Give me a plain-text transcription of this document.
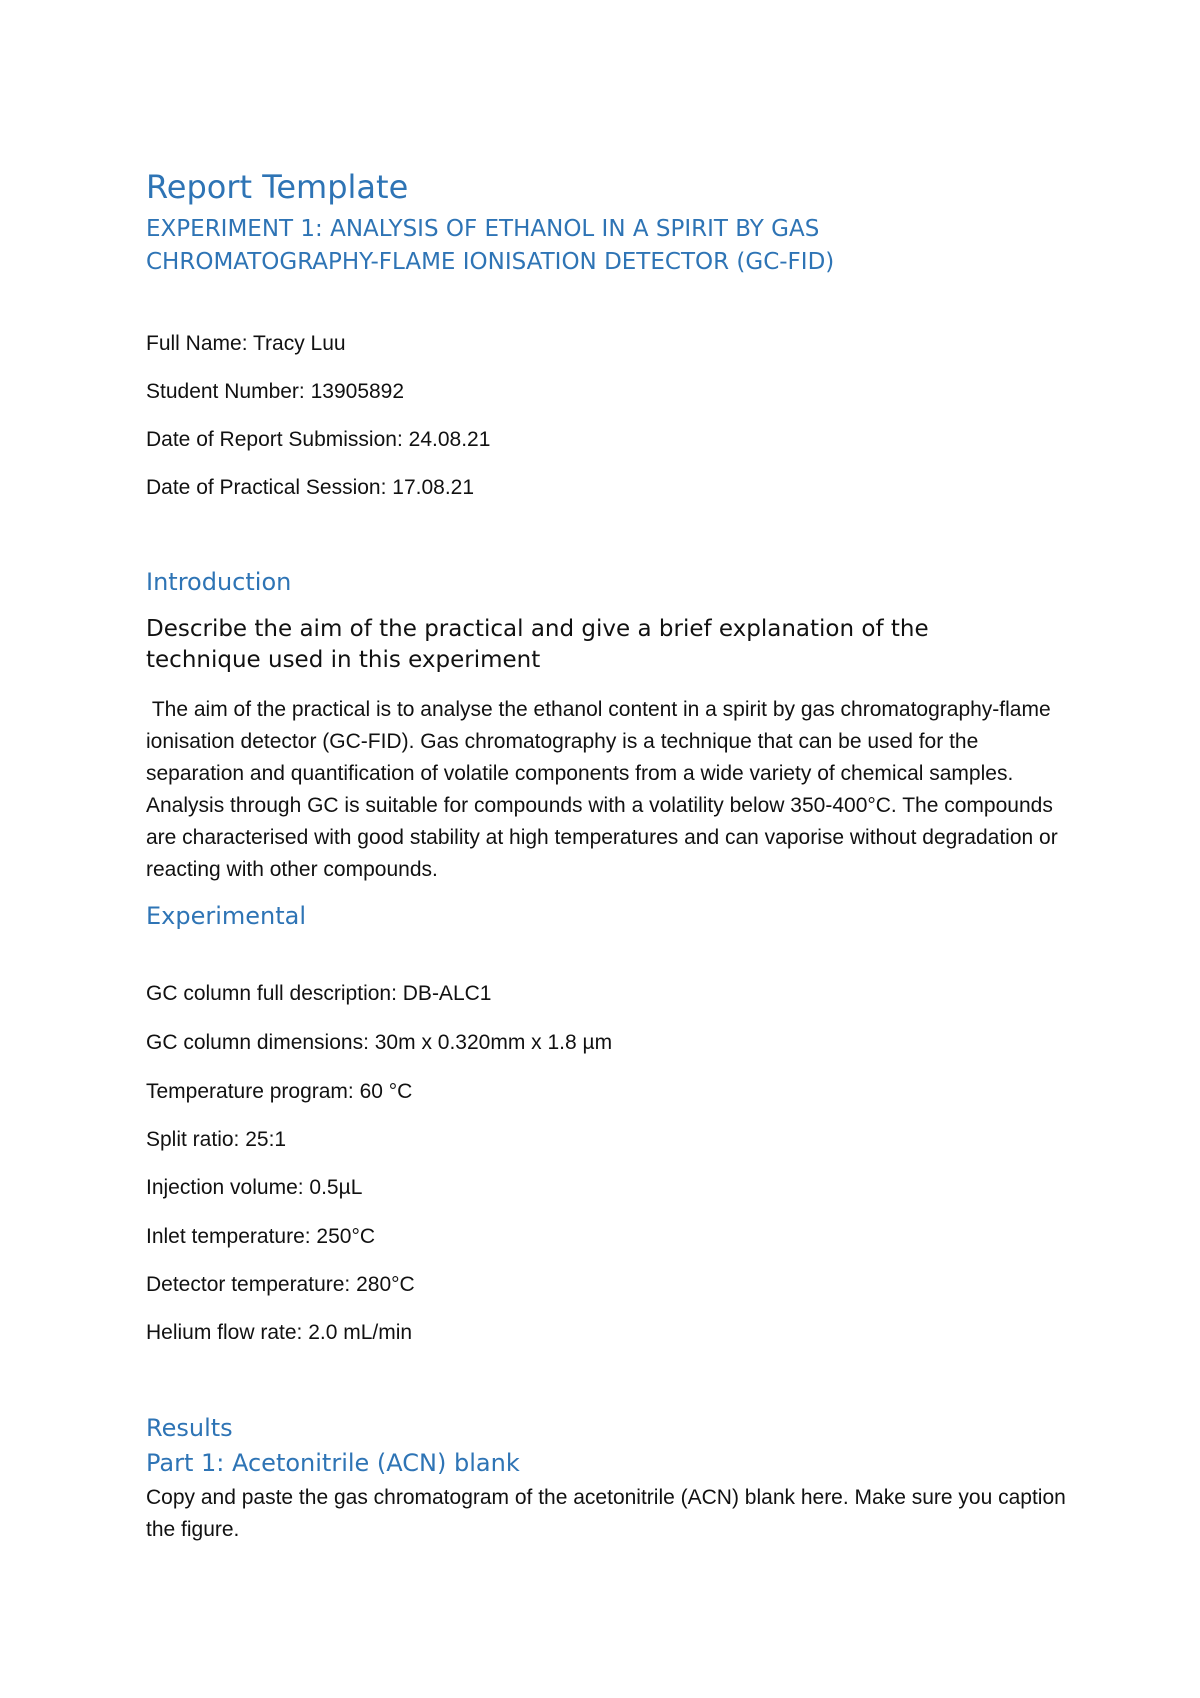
Report Template
EXPERIMENT 1: ANALYSIS OF ETHANOL IN A SPIRIT BY GAS
CHROMATOGRAPHY-FLAME IONISATION DETECTOR (GC-FID)

Full Name: Tracy Luu

Student Number: 13905892

Date of Report Submission: 24.08.21

Date of Practical Session: 17.08.21

Introduction
Describe the aim of the practical and give a brief explanation of the
technique used in this experiment

The aim of the practical is to analyse the ethanol content in a spirit by gas chromatography-flame ionisation detector (GC-FID). Gas chromatography is a technique that can be used for the separation and quantification of volatile components from a wide variety of chemical samples. Analysis through GC is suitable for compounds with a volatility below 350-400°C. The compounds are characterised with good stability at high temperatures and can vaporise without degradation or reacting with other compounds.

Experimental

GC column full description: DB-ALC1

GC column dimensions: 30m x 0.320mm x 1.8 µm

Temperature program: 60 °C

Split ratio: 25:1

Injection volume: 0.5µL

Inlet temperature: 250°C

Detector temperature: 280°C

Helium flow rate: 2.0 mL/min

Results
Part 1: Acetonitrile (ACN) blank

Copy and paste the gas chromatogram of the acetonitrile (ACN) blank here. Make sure you caption the figure.
